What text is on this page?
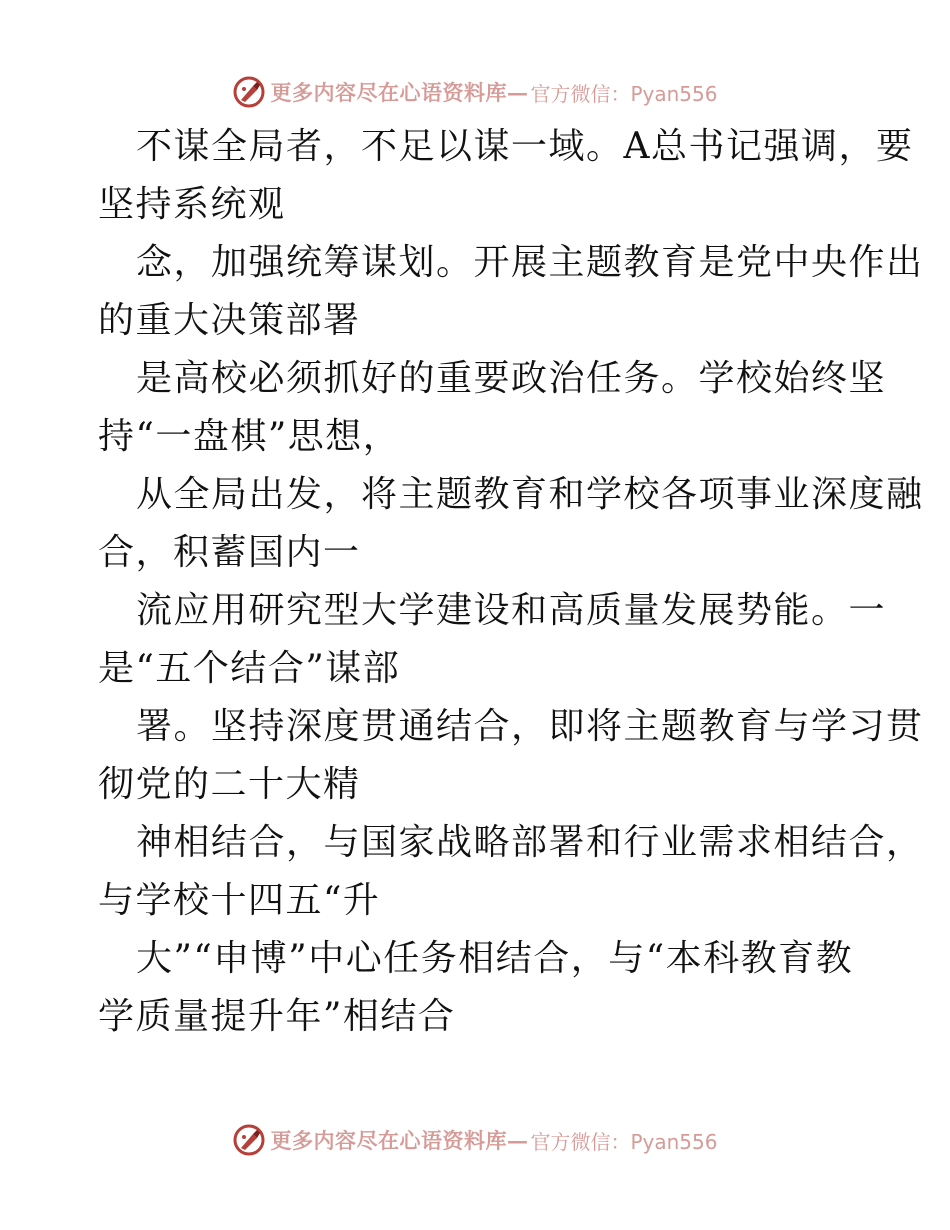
更多内容尽在心语资料库— 官方微信：Pyan556
不谋全局者，不足以谋一域。A总书记强调，要
坚持系统观
念，加强统筹谋划。开展主题教育是党中央作出
的重大决策部署
是高校必须抓好的重要政治任务。学校始终坚
持“一盘棋”思想，
从全局出发，将主题教育和学校各项事业深度融
合，积蓄国内一
流应用研究型大学建设和高质量发展势能。一
是“五个结合”谋部
署。坚持深度贯通结合，即将主题教育与学习贯
彻党的二十大精
神相结合，与国家战略部署和行业需求相结合，
与学校十四五“升
大”“申博”中心任务相结合，与“本科教育教
学质量提升年”相结合
更多内容尽在心语资料库— 官方微信：Pyan556
